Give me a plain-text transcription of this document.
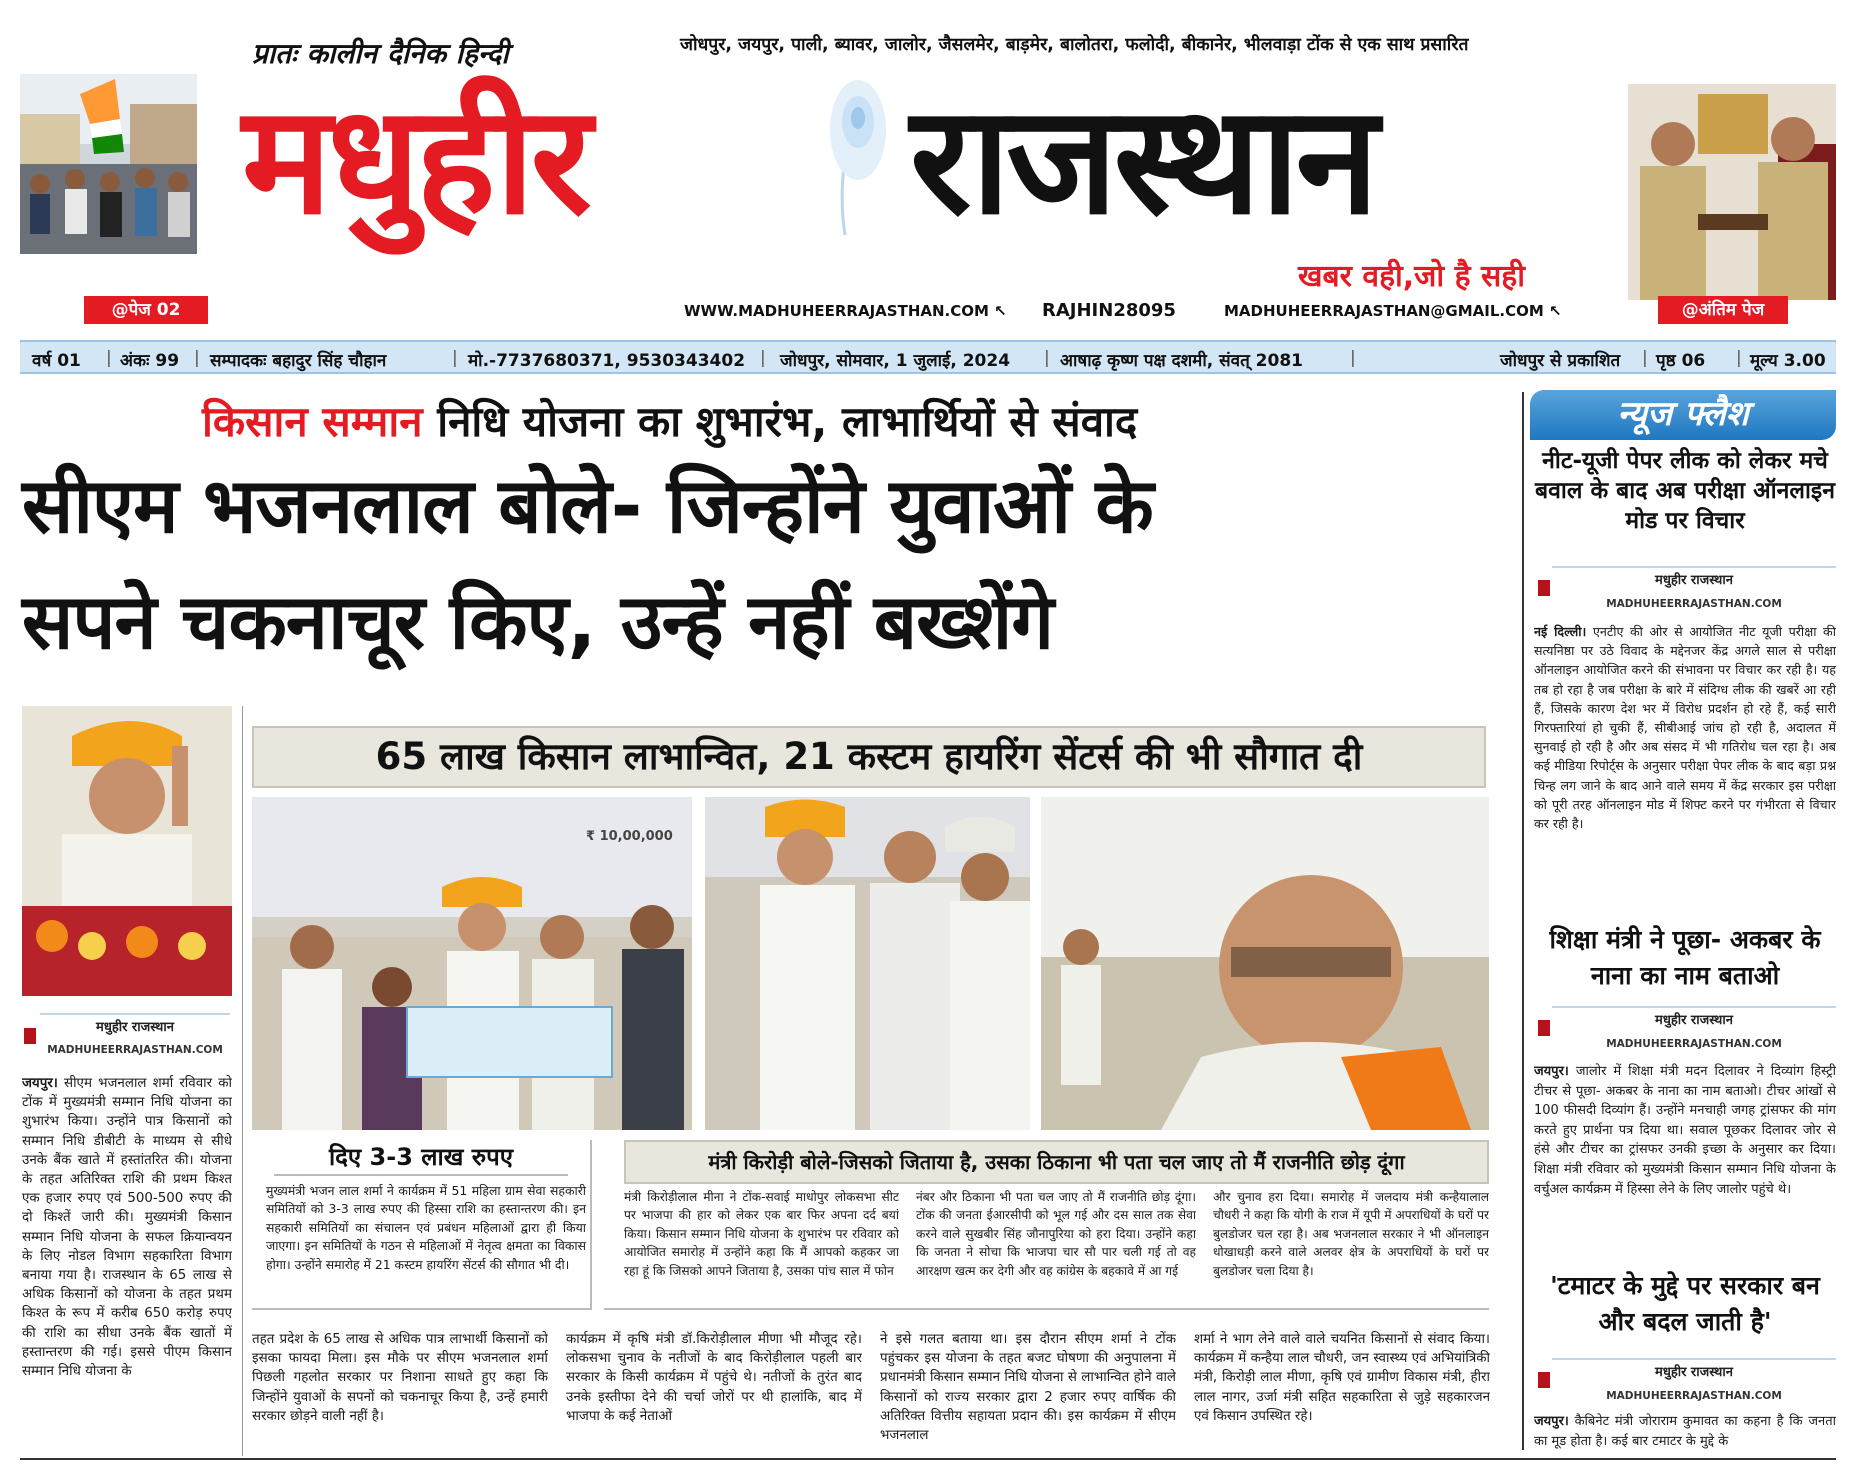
@पेज 02
प्रातः कालीन दैनिक हिन्दी	जोधपुर, जयपुर, पाली, ब्यावर, जालोर, जैसलमेर, बाड़मेर, बालोतरा, फलोदी, बीकानेर, भीलवाड़ा टोंक से एक साथ प्रसारित
मधुहीर राजस्थान
खबर वही,जो है सही
WWW.MADHUHEERRAJASTHAN.COM ↖ RAJHIN28095	MADHUHEERRAJASTHAN@GMAIL.COM ↖	@अंतिम पेज
वर्ष 01 | अंकः 99 | सम्पादकः बहादुर सिंह चौहान	| मो.-7737680371, 9530343402 | जोधपुर, सोमवार, 1 जुलाई, 2024 | आषाढ़ कृष्ण पक्ष दशमी, संवत् 2081	|	जोधपुर से प्रकाशित | पृष्ठ 06 | मूल्य 3.00
किसान सम्मान निधि योजना का शुभारंभ, लाभार्थियों से संवाद
सीएम भजनलाल बोले- जिन्होंने युवाओं के
सपने चकनाचूर किए, उन्हें नहीं बख्शेंगे
65 लाख किसान लाभान्वित, 21 कस्टम हायरिंग सेंटर्स की भी सौगात दी
₹ 10,00,000
मधुहीर राजस्थान
MADHUHEERRAJASTHAN.COM
जयपुर। सीएम भजनलाल शर्मा रविवार को टोंक में मुख्यमंत्री सम्मान निधि योजना का शुभारंभ किया। उन्होंने पात्र किसानों को सम्मान निधि डीबीटी के माध्यम से सीधे उनके बैंक खाते में हस्तांतरित की। योजना के तहत अतिरिक्त राशि की प्रथम किश्त एक हजार रुपए एवं 500-500 रुपए की दो किश्तें जारी की। मुख्यमंत्री किसान सम्मान निधि योजना के सफल क्रियान्वयन के लिए नोडल विभाग सहकारिता विभाग बनाया गया है। राजस्थान के 65 लाख से अधिक किसानों को योजना के तहत प्रथम किश्त के रूप में करीब 650 करोड़ रुपए की राशि का सीधा उनके बैंक खातों में हस्तान्तरण की गई। इससे पीएम किसान सम्मान निधि योजना के
दिए 3-3 लाख रुपए
मुख्यमंत्री भजन लाल शर्मा ने कार्यक्रम में 51 महिला ग्राम सेवा सहकारी समितियों को 3-3 लाख रुपए की हिस्सा राशि का हस्तान्तरण की। इन सहकारी समितियों का संचालन एवं प्रबंधन महिलाओं द्वारा ही किया जाएगा। इन समितियों के गठन से महिलाओं में नेतृत्व क्षमता का विकास होगा। उन्होंने समारोह में 21 कस्टम हायरिंग सेंटर्स की सौगात भी दी।
मंत्री किरोड़ी बोले-जिसको जिताया है, उसका ठिकाना भी पता चल जाए तो मैं राजनीति छोड़ दूंगा
मंत्री किरोड़ीलाल मीना ने टोंक-सवाई माधोपुर लोकसभा सीट पर भाजपा की हार को लेकर एक बार फिर अपना दर्द बयां किया। किसान सम्मान निधि योजना के शुभारंभ पर रविवार को आयोजित समारोह में उन्होंने कहा कि मैं आपको कहकर जा रहा हूं कि जिसको आपने जिताया है, उसका पांच साल में फोन
नंबर और ठिकाना भी पता चल जाए तो मैं राजनीति छोड़ दूंगा। टोंक की जनता ईआरसीपी को भूल गई और दस साल तक सेवा करने वाले सुखबीर सिंह जौनापुरिया को हरा दिया। उन्होंने कहा कि जनता ने सोचा कि भाजपा चार सौ पार चली गई तो वह आरक्षण खत्म कर देगी और वह कांग्रेस के बहकावे में आ गई
और चुनाव हरा दिया। समारोह में जलदाय मंत्री कन्हैयालाल चौधरी ने कहा कि योगी के राज में यूपी में अपराधियों के घरों पर बुलडोजर चल रहा है। अब भजनलाल सरकार ने भी ऑनलाइन धोखाधड़ी करने वाले अलवर क्षेत्र के अपराधियों के घरों पर बुलडोजर चला दिया है।
तहत प्रदेश के 65 लाख से अधिक पात्र लाभार्थी किसानों को इसका फायदा मिला। इस मौके पर सीएम भजनलाल शर्मा पिछली गहलोत सरकार पर निशाना साधते हुए कहा कि जिन्होंने युवाओं के सपनों को चकनाचूर किया है, उन्हें हमारी सरकार छोड़ने वाली नहीं है।
कार्यक्रम में कृषि मंत्री डॉ.किरोड़ीलाल मीणा भी मौजूद रहे। लोकसभा चुनाव के नतीजों के बाद किरोड़ीलाल पहली बार सरकार के किसी कार्यक्रम में पहुंचे थे। नतीजों के तुरंत बाद उनके इस्तीफा देने की चर्चा जोरों पर थी हालांकि, बाद में भाजपा के कई नेताओं
ने इसे गलत बताया था। इस दौरान सीएम शर्मा ने टोंक पहुंचकर इस योजना के तहत बजट घोषणा की अनुपालना में प्रधानमंत्री किसान सम्मान निधि योजना से लाभान्वित होने वाले किसानों को राज्य सरकार द्वारा 2 हजार रुपए वार्षिक की अतिरिक्त वित्तीय सहायता प्रदान की। इस कार्यक्रम में सीएम भजनलाल
शर्मा ने भाग लेने वाले वाले चयनित किसानों से संवाद किया। कार्यक्रम में कन्हैया लाल चौधरी, जन स्वास्थ्य एवं अभियांत्रिकी मंत्री, किरोड़ी लाल मीणा, कृषि एवं ग्रामीण विकास मंत्री, हीरा लाल नागर, उर्जा मंत्री सहित सहकारिता से जुड़े सहकारजन एवं किसान उपस्थित रहे।
न्यूज फ्लैश
नीट-यूजी पेपर लीक को लेकर मचे बवाल के बाद अब परीक्षा ऑनलाइन मोड पर विचार
मधुहीर राजस्थान
MADHUHEERRAJASTHAN.COM
नई दिल्ली। एनटीए की ओर से आयोजित नीट यूजी परीक्षा की सत्यनिष्ठा पर उठे विवाद के मद्देनजर केंद्र अगले साल से परीक्षा ऑनलाइन आयोजित करने की संभावना पर विचार कर रही है। यह तब हो रहा है जब परीक्षा के बारे में संदिग्ध लीक की खबरें आ रही हैं, जिसके कारण देश भर में विरोध प्रदर्शन हो रहे हैं, कई सारी गिरफ्तारियां हो चुकी हैं, सीबीआई जांच हो रही है, अदालत में सुनवाई हो रही है और अब संसद में भी गतिरोध चल रहा है। अब कई मीडिया रिपोर्ट्स के अनुसार परीक्षा पेपर लीक के बाद बड़ा प्रश्न चिन्ह लग जाने के बाद आने वाले समय में केंद्र सरकार इस परीक्षा को पूरी तरह ऑनलाइन मोड में शिफ्ट करने पर गंभीरता से विचार कर रही है।
शिक्षा मंत्री ने पूछा- अकबर के नाना का नाम बताओ
मधुहीर राजस्थान
MADHUHEERRAJASTHAN.COM
जयपुर। जालोर में शिक्षा मंत्री मदन दिलावर ने दिव्यांग हिस्ट्री टीचर से पूछा- अकबर के नाना का नाम बताओ। टीचर आंखों से 100 फीसदी दिव्यांग हैं। उन्होंने मनचाही जगह ट्रांसफर की मांग करते हुए प्रार्थना पत्र दिया था। सवाल पूछकर दिलावर जोर से हंसे और टीचर का ट्रांसफर उनकी इच्छा के अनुसार कर दिया। शिक्षा मंत्री रविवार को मुख्यमंत्री किसान सम्मान निधि योजना के वर्चुअल कार्यक्रम में हिस्सा लेने के लिए जालोर पहुंचे थे।
'टमाटर के मुद्दे पर सरकार बन और बदल जाती है'
मधुहीर राजस्थान
MADHUHEERRAJASTHAN.COM
जयपुर। कैबिनेट मंत्री जोराराम कुमावत का कहना है कि जनता का मूड होता है। कई बार टमाटर के मुद्दे के
